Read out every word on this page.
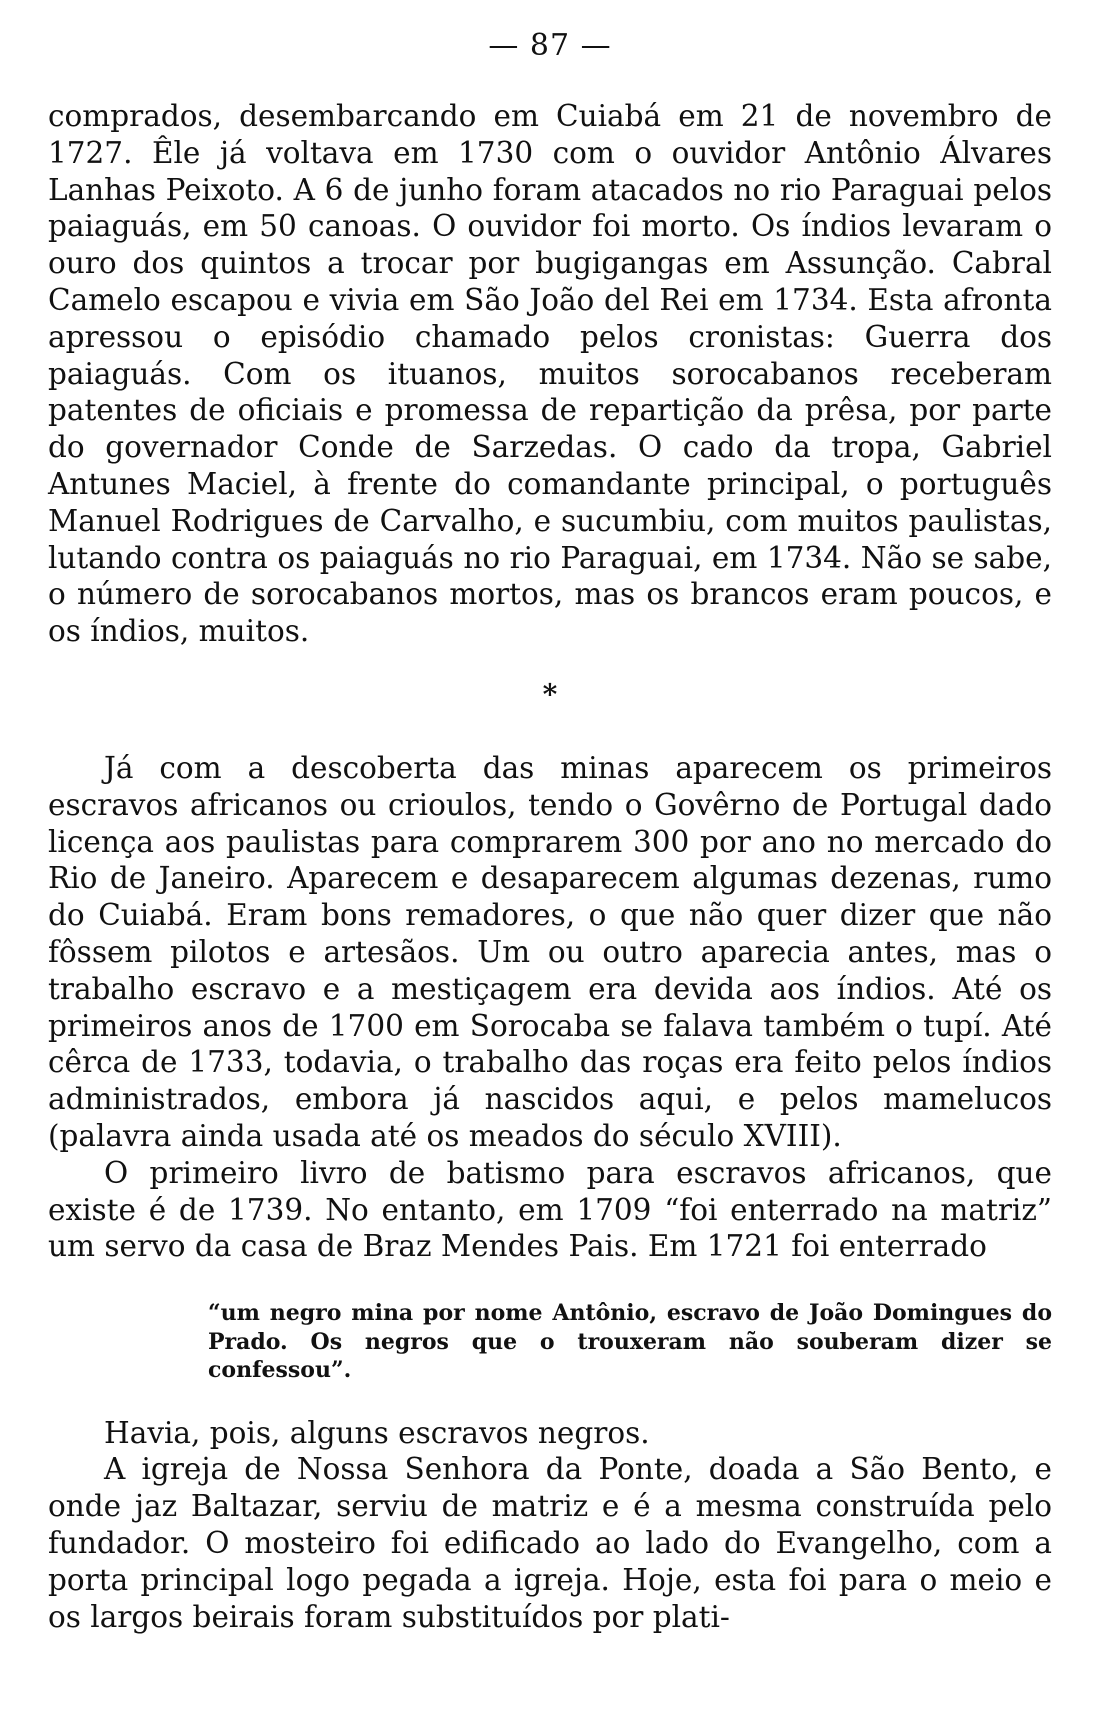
— 87 —

comprados, desembarcando em Cuiabá em 21 de novembro de 1727. Êle já voltava em 1730 com o ouvidor Antônio Álvares Lanhas Peixoto. A 6 de junho foram atacados no rio Paraguai pelos paiaguás, em 50 canoas. O ouvidor foi morto. Os índios levaram o ouro dos quintos a trocar por bugigangas em Assunção. Cabral Camelo escapou e vivia em São João del Rei em 1734. Esta afronta apressou o episódio chamado pelos cronistas: Guerra dos paiaguás. Com os ituanos, muitos sorocabanos receberam patentes de oficiais e promessa de repartição da prêsa, por parte do governador Conde de Sarzedas. O cado da tropa, Gabriel Antunes Maciel, à frente do comandante principal, o português Manuel Rodrigues de Carvalho, e sucumbiu, com muitos paulistas, lutando contra os paiaguás no rio Paraguai, em 1734. Não se sabe, o número de sorocabanos mortos, mas os brancos eram poucos, e os índios, muitos.

*

Já com a descoberta das minas aparecem os primeiros escravos africanos ou crioulos, tendo o Govêrno de Portugal dado licença aos paulistas para comprarem 300 por ano no mercado do Rio de Janeiro. Aparecem e desaparecem algumas dezenas, rumo do Cuiabá. Eram bons remadores, o que não quer dizer que não fôssem pilotos e artesãos. Um ou outro aparecia antes, mas o trabalho escravo e a mestiçagem era devida aos índios. Até os primeiros anos de 1700 em Sorocaba se falava também o tupí. Até cêrca de 1733, todavia, o trabalho das roças era feito pelos índios administrados, embora já nascidos aqui, e pelos mamelucos (palavra ainda usada até os meados do século XVIII).

O primeiro livro de batismo para escravos africanos, que existe é de 1739. No entanto, em 1709 “foi enterrado na matriz” um servo da casa de Braz Mendes Pais. Em 1721 foi enterrado

“um negro mina por nome Antônio, escravo de João Domingues do Prado. Os negros que o trouxeram não souberam dizer se confessou”.

Havia, pois, alguns escravos negros.

A igreja de Nossa Senhora da Ponte, doada a São Bento, e onde jaz Baltazar, serviu de matriz e é a mesma construída pelo fundador. O mosteiro foi edificado ao lado do Evangelho, com a porta principal logo pegada a igreja. Hoje, esta foi para o meio e os largos beirais foram substituídos por plati-
